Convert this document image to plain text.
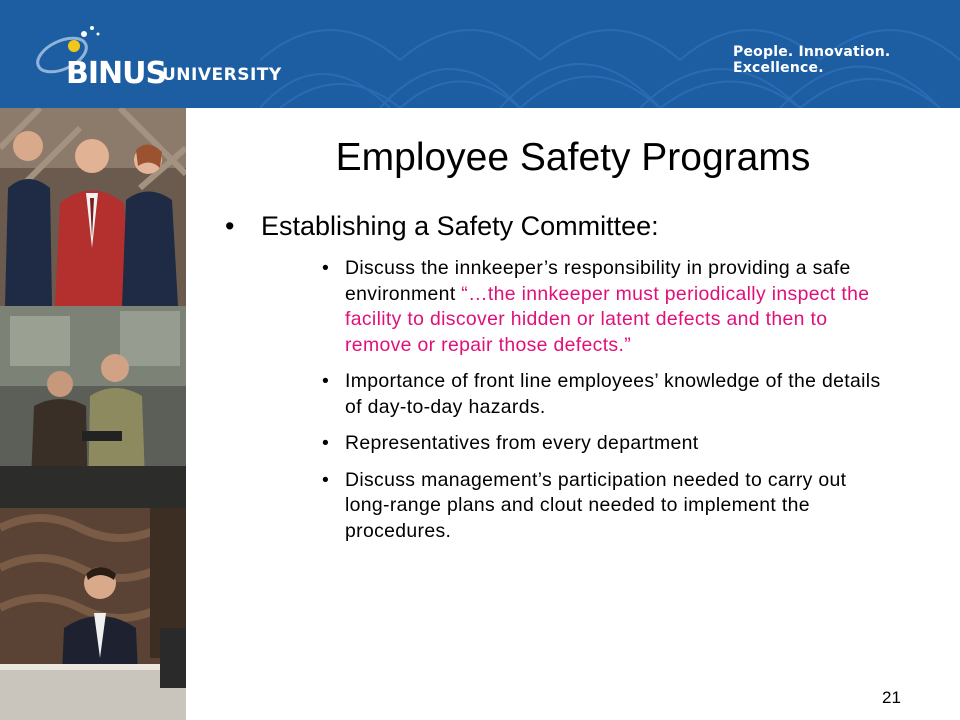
BINUS
UNIVERSITY
People. Innovation. Excellence.
Employee Safety Programs
• Establishing a Safety Committee:
• Discuss the innkeeper’s responsibility in providing a safe environment “…the innkeeper must periodically inspect the facility to discover hidden or latent defects and then to remove or repair those defects.”
• Importance of front line employees’ knowledge of the details of day-to-day hazards.
• Representatives from every department
• Discuss management’s participation needed to carry out long-range plans and clout needed to implement the procedures.
21
